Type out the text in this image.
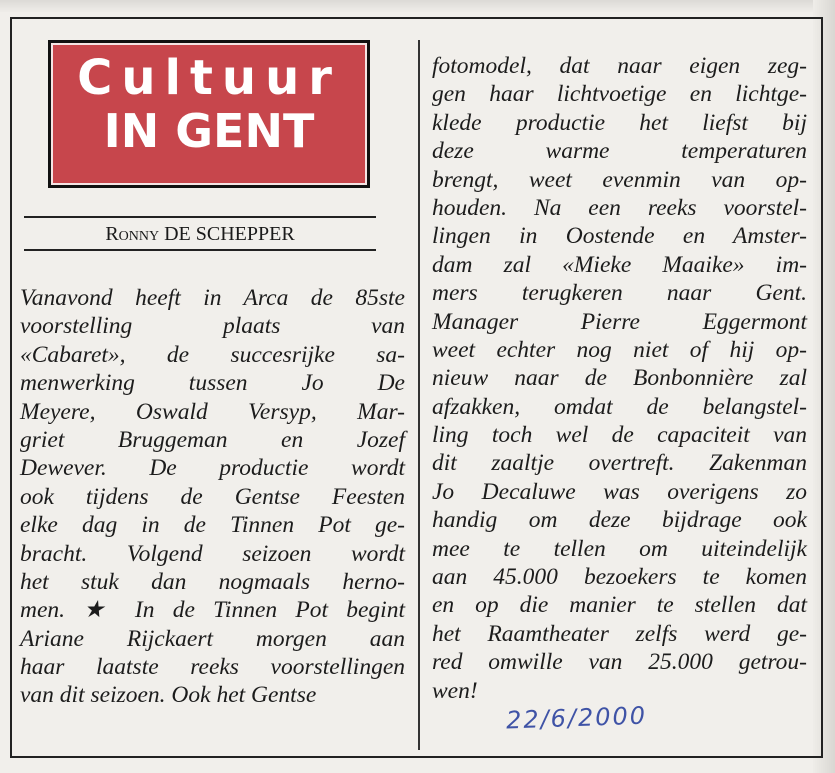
Cultuur
IN GENT
Ronny DE SCHEPPER
Vanavond heeft in Arca de 85ste
voorstelling plaats van
«Cabaret», de succesrijke sa-
menwerking tussen Jo De
Meyere, Oswald Versyp, Mar-
griet Bruggeman en Jozef
Dewever. De productie wordt
ook tijdens de Gentse Feesten
elke dag in de Tinnen Pot ge-
bracht. Volgend seizoen wordt
het stuk dan nogmaals herno-
men. ★ In de Tinnen Pot begint
Ariane Rijckaert morgen aan
haar laatste reeks voorstellingen
van dit seizoen. Ook het Gentse
fotomodel, dat naar eigen zeg-
gen haar lichtvoetige en lichtge-
klede productie het liefst bij
deze warme temperaturen
brengt, weet evenmin van op-
houden. Na een reeks voorstel-
lingen in Oostende en Amster-
dam zal «Mieke Maaike» im-
mers terugkeren naar Gent.
Manager Pierre Eggermont
weet echter nog niet of hij op-
nieuw naar de Bonbonnière zal
afzakken, omdat de belangstel-
ling toch wel de capaciteit van
dit zaaltje overtreft. Zakenman
Jo Decaluwe was overigens zo
handig om deze bijdrage ook
mee te tellen om uiteindelijk
aan 45.000 bezoekers te komen
en op die manier te stellen dat
het Raamtheater zelfs werd ge-
red omwille van 25.000 getrou-
wen!
22/6/2000
